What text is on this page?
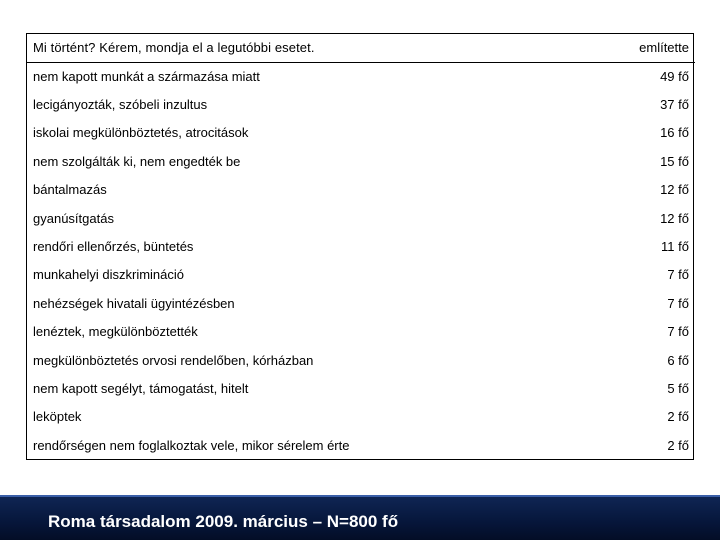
Mi történt? Kérem, mondja el a legutóbbi esetet.	említette
nem kapott munkát a származása miatt	49 fő
lecigányozták, szóbeli inzultus	37 fő
iskolai megkülönböztetés, atrocitások	16 fő
nem szolgálták ki, nem engedték be	15 fő
bántalmazás	12 fő
gyanúsítgatás	12 fő
rendőri ellenőrzés, büntetés	11 fő
munkahelyi diszkrimináció	7 fő
nehézségek hivatali ügyintézésben	7 fő
lenéztek, megkülönböztették	7 fő
megkülönböztetés orvosi rendelőben, kórházban	6 fő
nem kapott segélyt, támogatást, hitelt	5 fő
leköptek	2 fő
rendőrségen nem foglalkoztak vele, mikor sérelem érte	2 fő
Roma társadalom 2009. március – N=800 fő
